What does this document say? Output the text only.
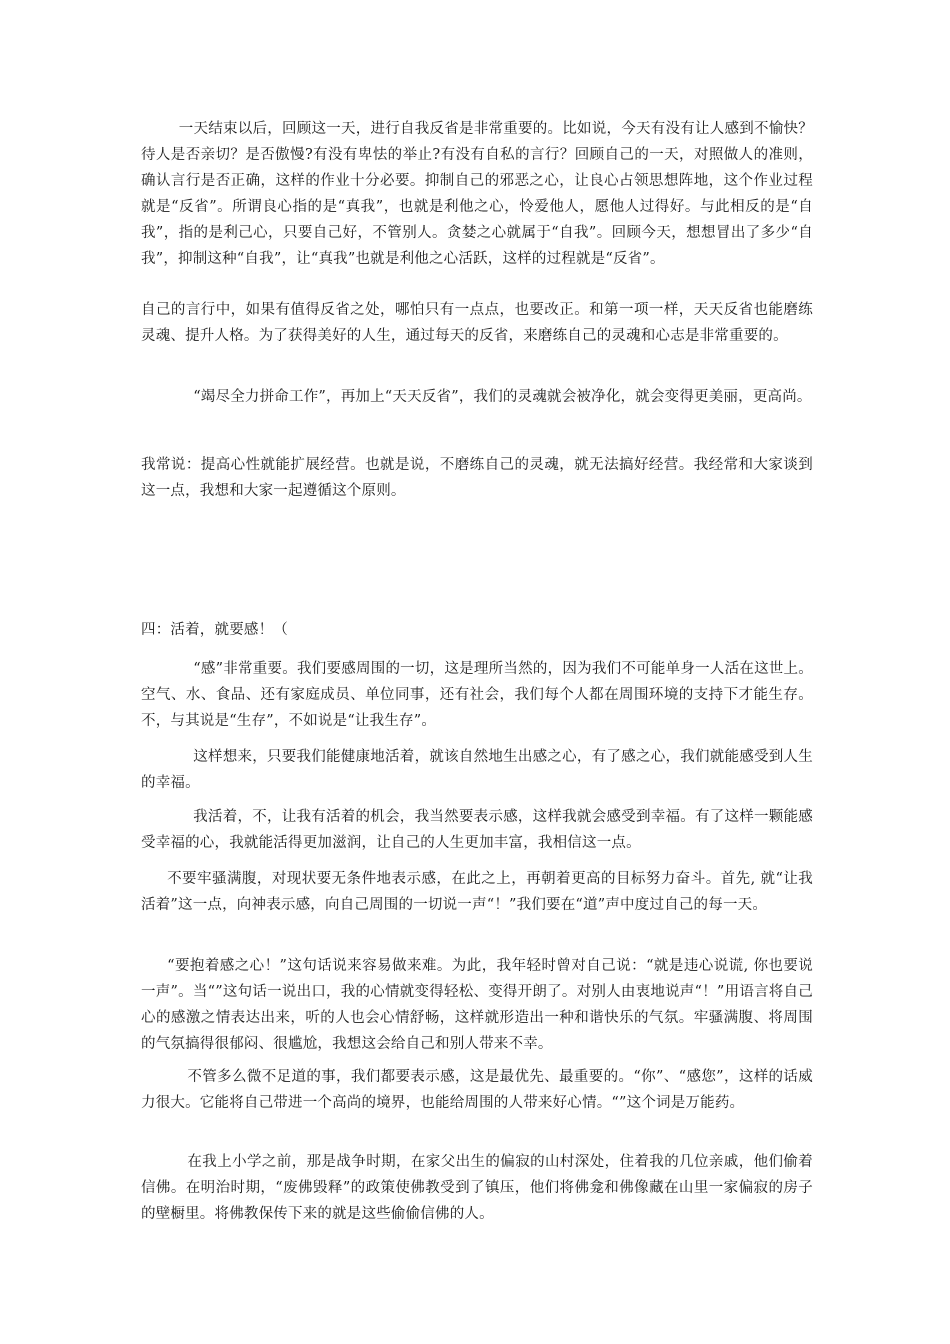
一天结束以后，回顾这一天，进行自我反省是非常重要的。比如说，今天有没有让人感到不愉快？待人是否亲切？是否傲慢?有没有卑怯的举止?有没有自私的言行？回顾自己的一天，对照做人的准则，确认言行是否正确，这样的作业十分必要。抑制自己的邪恶之心，让良心占领思想阵地，这个作业过程就是“反省”。所谓良心指的是“真我”，也就是利他之心，怜爱他人，愿他人过得好。与此相反的是“自我”，指的是利己心，只要自己好，不管别人。贪婪之心就属于“自我”。回顾今天，想想冒出了多少“自我”，抑制这种“自我”，让“真我”也就是利他之心活跃，这样的过程就是“反省”。

自己的言行中，如果有值得反省之处，哪怕只有一点点，也要改正。和第一项一样，天天反省也能磨练灵魂、提升人格。为了获得美好的人生，通过每天的反省，来磨练自己的灵魂和心志是非常重要的。

“竭尽全力拼命工作”，再加上“天天反省”，我们的灵魂就会被净化，就会变得更美丽，更高尚。

我常说：提高心性就能扩展经营。也就是说，不磨练自己的灵魂，就无法搞好经营。我经常和大家谈到这一点，我想和大家一起遵循这个原则。

四：活着，就要感！（

“感”非常重要。我们要感周围的一切，这是理所当然的，因为我们不可能单身一人活在这世上。空气、水、食品、还有家庭成员、单位同事，还有社会，我们每个人都在周围环境的支持下才能生存。不，与其说是“生存”，不如说是“让我生存”。

这样想来，只要我们能健康地活着，就该自然地生出感之心，有了感之心，我们就能感受到人生的幸福。

我活着，不，让我有活着的机会，我当然要表示感，这样我就会感受到幸福。有了这样一颗能感受幸福的心，我就能活得更加滋润，让自己的人生更加丰富，我相信这一点。

不要牢骚满腹，对现状要无条件地表示感，在此之上，再朝着更高的目标努力奋斗。首先, 就“让我活着”这一点，向神表示感，向自己周围的一切说一声“！”我们要在“道”声中度过自己的每一天。

“要抱着感之心！”这句话说来容易做来难。为此，我年轻时曾对自己说：“就是违心说谎, 你也要说一声”。当“”这句话一说出口，我的心情就变得轻松、变得开朗了。对别人由衷地说声“！”用语言将自己心的感激之情表达出来，听的人也会心情舒畅，这样就形造出一种和谐快乐的气氛。牢骚满腹、将周围的气氛搞得很郁闷、很尴尬，我想这会给自己和别人带来不幸。

不管多么微不足道的事，我们都要表示感，这是最优先、最重要的。“你”、“感您”，这样的话威力很大。它能将自己带进一个高尚的境界，也能给周围的人带来好心情。“”这个词是万能药。

在我上小学之前，那是战争时期，在家父出生的偏寂的山村深处，住着我的几位亲戚，他们偷着信佛。在明治时期，“废佛毁释”的政策使佛教受到了镇压，他们将佛龛和佛像藏在山里一家偏寂的房子的壁橱里。将佛教保传下来的就是这些偷偷信佛的人。
